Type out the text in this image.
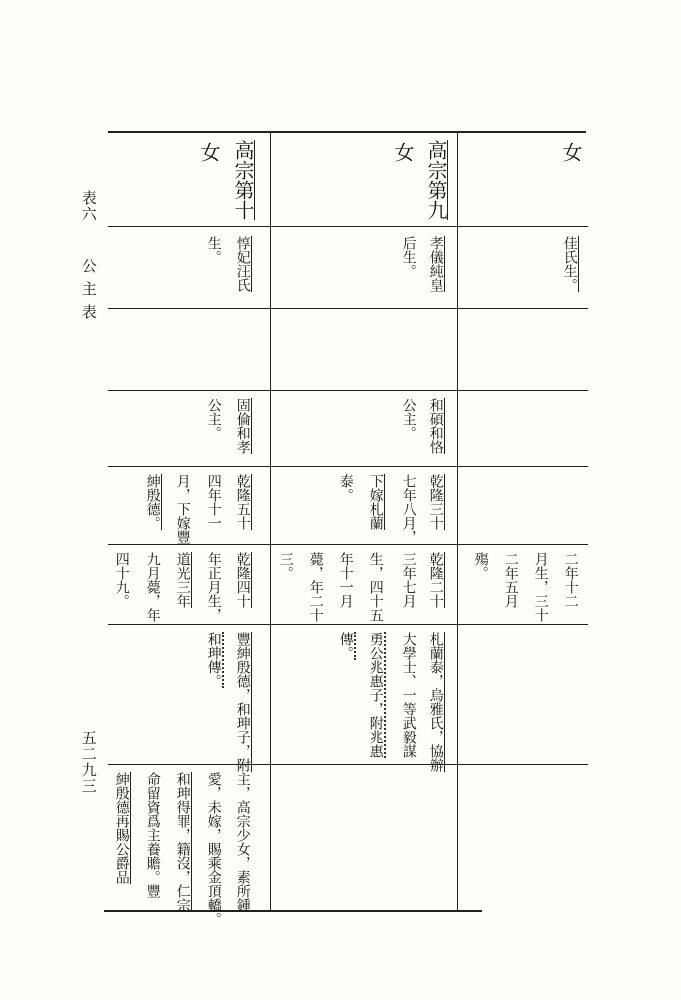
表六
公主表
五二九三
女
佳氏生。
二年十二
月生，三十
二年五月
殤。
高宗第九
女
孝儀純皇
后生。
和碩和恪
公主。
乾隆三十
七年八月，
下嫁札蘭
泰。
乾隆二十
三年七月
生，四十五
年十一月
薨，年二十
三。
札蘭泰，烏雅氏，協辦
大學士、一等武毅謀
勇公兆惠子，附兆惠
傳。
高宗第十
女
惇妃汪氏
生。
固倫和孝
公主。
乾隆五十
四年十一
月，下嫁豐
紳殷德。
乾隆四十
年正月生，
道光三年
九月薨，年
四十九。
豐紳殷德，和珅子，附
和珅傳。
主，高宗少女，素所鍾
愛，未嫁，賜乘金頂轎。
和珅得罪，籍沒，仁宗
命留資爲主養贍。豐
紳殷德再賜公爵品
